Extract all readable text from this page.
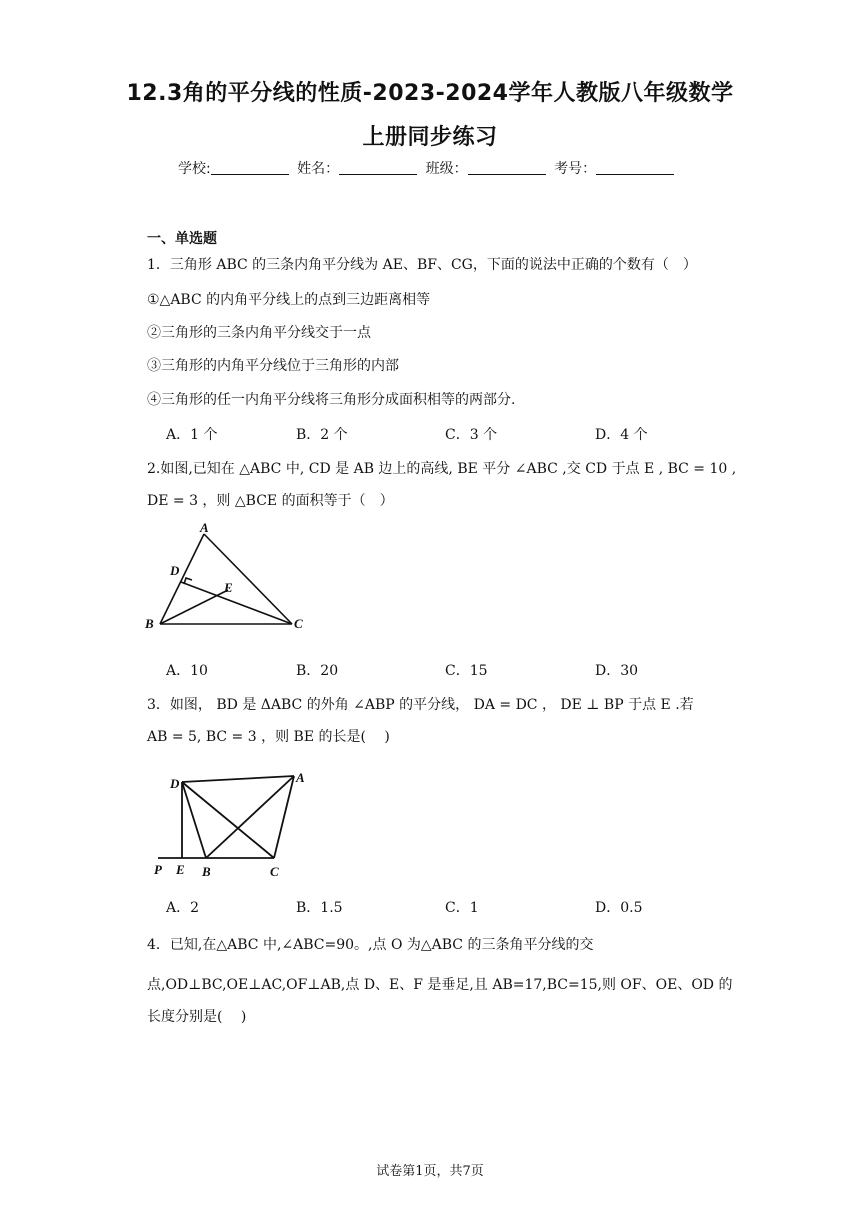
12.3角的平分线的性质-2023-2024学年人教版八年级数学
上册同步练习
学校:	姓名：	班级：	考号：
一、单选题
1．三角形 ABC 的三条内角平分线为 AE、BF、CG，下面的说法中正确的个数有（　）
①△ABC 的内角平分线上的点到三边距离相等
②三角形的三条内角平分线交于一点
③三角形的内角平分线位于三角形的内部
④三角形的任一内角平分线将三角形分成面积相等的两部分.
A．1 个	B．2 个	C．3 个	D．4 个
2.如图,已知在 △ABC 中, CD 是 AB 边上的高线, BE 平分 ∠ABC ,交 CD 于点 E , BC = 10 ,
DE = 3 ，则 △BCE 的面积等于（　）
A
D
E
B	C
A．10	B．20	C．15	D．30
3．如图， BD 是 ΔABC 的外角 ∠ABP 的平分线， DA = DC ， DE ⊥ BP 于点 E .若
AB = 5, BC = 3 ，则 BE 的长是(　 )
D	A
P E B	C
A．2	B．1.5	C．1	D．0.5
4．已知,在△ABC 中,∠ABC=90。,点 O 为△ABC 的三条角平分线的交
点,OD⊥BC,OE⊥AC,OF⊥AB,点 D、E、F 是垂足,且 AB=17,BC=15,则 OF、OE、OD 的
长度分别是(　 )
试卷第1页，共7页
